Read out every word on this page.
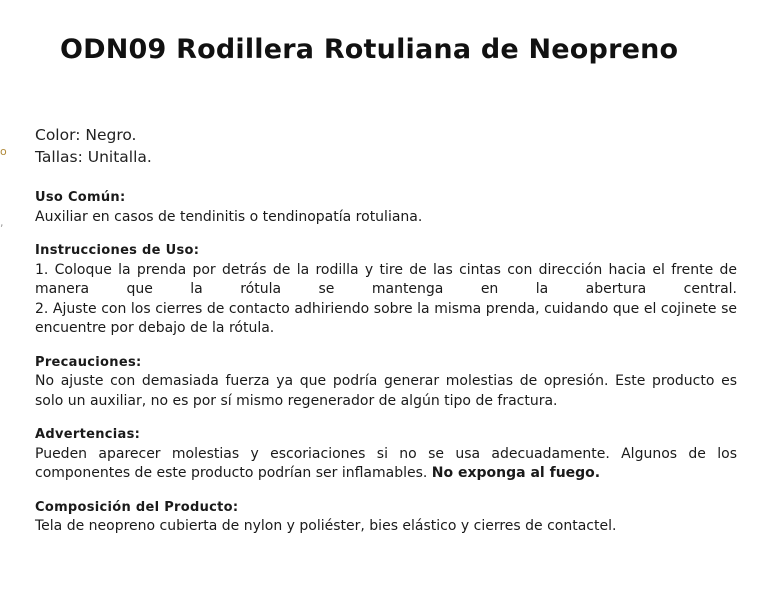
ODN09 Rodillera Rotuliana de Neopreno
o
,
Color: Negro.
Tallas: Unitalla.
Uso Común:
Auxiliar en casos de tendinitis o tendinopatía rotuliana.
Instrucciones de Uso:
1. Coloque la prenda por detrás de la rodilla y tire de las cintas con dirección hacia el frente de manera que la rótula se mantenga en la abertura central.
2. Ajuste con los cierres de contacto adhiriendo sobre la misma prenda, cuidando que el cojinete se encuentre por debajo de la rótula.
Precauciones:
No ajuste con demasiada fuerza ya que podría generar molestias de opresión. Este producto es solo un auxiliar, no es por sí mismo regenerador de algún tipo de fractura.
Advertencias:
Pueden aparecer molestias y escoriaciones si no se usa adecuadamente. Algunos de los componentes de este producto podrían ser inflamables. No exponga al fuego.
Composición del Producto:
Tela de neopreno cubierta de nylon y poliéster, bies elástico y cierres de contactel.
